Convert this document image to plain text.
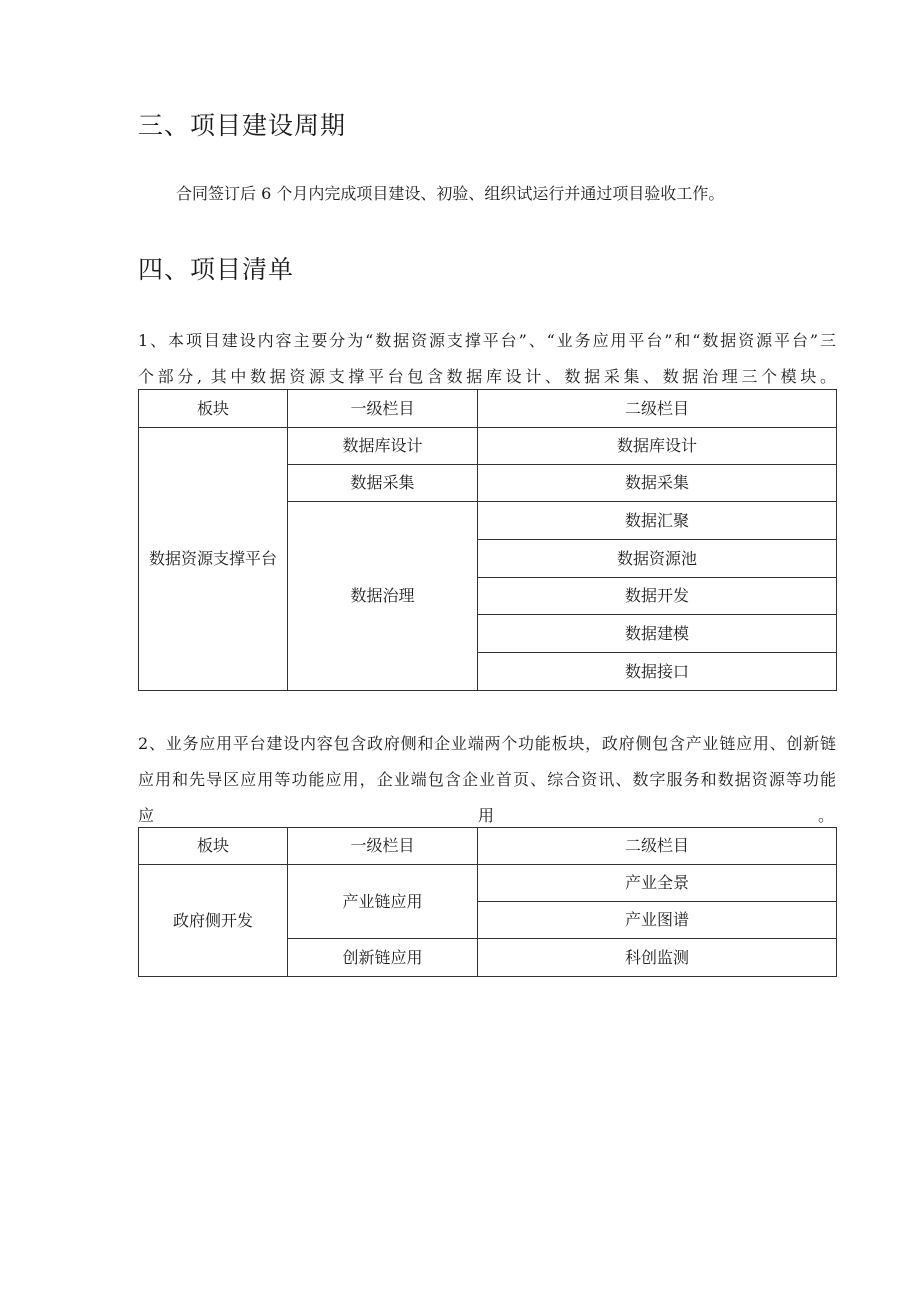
三、项目建设周期
合同签订后 6 个月内完成项目建设、初验、组织试运行并通过项目验收工作。
四、项目清单
1、本项目建设内容主要分为“数据资源支撑平台”、“业务应用平台”和“数据资源平台”三
个部分, 其中数据资源支撑平台包含数据库设计、数据采集、数据治理三个模块。
板块	一级栏目	二级栏目
数据资源支撑平台	数据库设计	数据库设计
	数据采集	数据采集
	数据治理	数据汇聚
		数据资源池
		数据开发
		数据建模
		数据接口
2、业务应用平台建设内容包含政府侧和企业端两个功能板块，政府侧包含产业链应用、创新链
应用和先导区应用等功能应用，企业端包含企业首页、综合资讯、数字服务和数据资源等功能
应	用	。
板块	一级栏目	二级栏目
政府侧开发	产业链应用	产业全景
		产业图谱
	创新链应用	科创监测
